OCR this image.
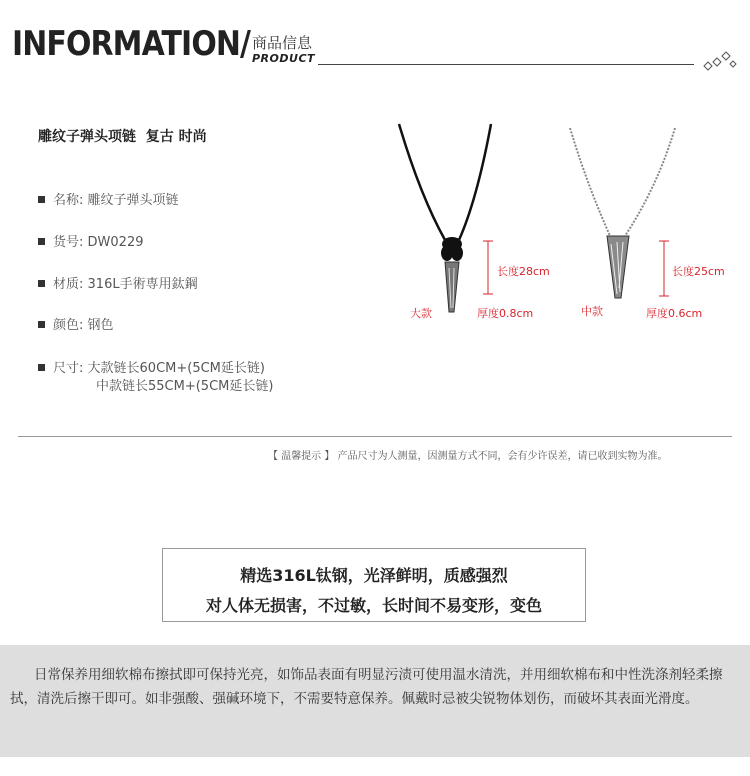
INFORMATION/ 商品信息
PRODUCT
雕纹子弹头项链  复古 时尚
名称: 雕纹子弹头项链
货号: DW0229
材质: 316L手術専用鈦鋼
颜色: 钢色
尺寸: 大款链长60CM+(5CM延长链)
中款链长55CM+(5CM延长链)
长度28cm
大款	厚度0.8cm
长度25cm
中款	厚度0.6cm
【 温馨提示 】 产品尺寸为人测量，因测量方式不同，会有少许误差，请已收到实物为准。
精选316L钛钢，光泽鲜明，质感强烈
对人体无损害，不过敏，长时间不易变形，变色
日常保养用细软棉布擦拭即可保持光亮，如饰品表面有明显污渍可使用温水清洗，并用细软棉布和中性洗涤剂轻柔擦拭，清洗后擦干即可。如非强酸、强碱环境下，不需要特意保养。佩戴时忌被尖锐物体划伤，而破坏其表面光滑度。
